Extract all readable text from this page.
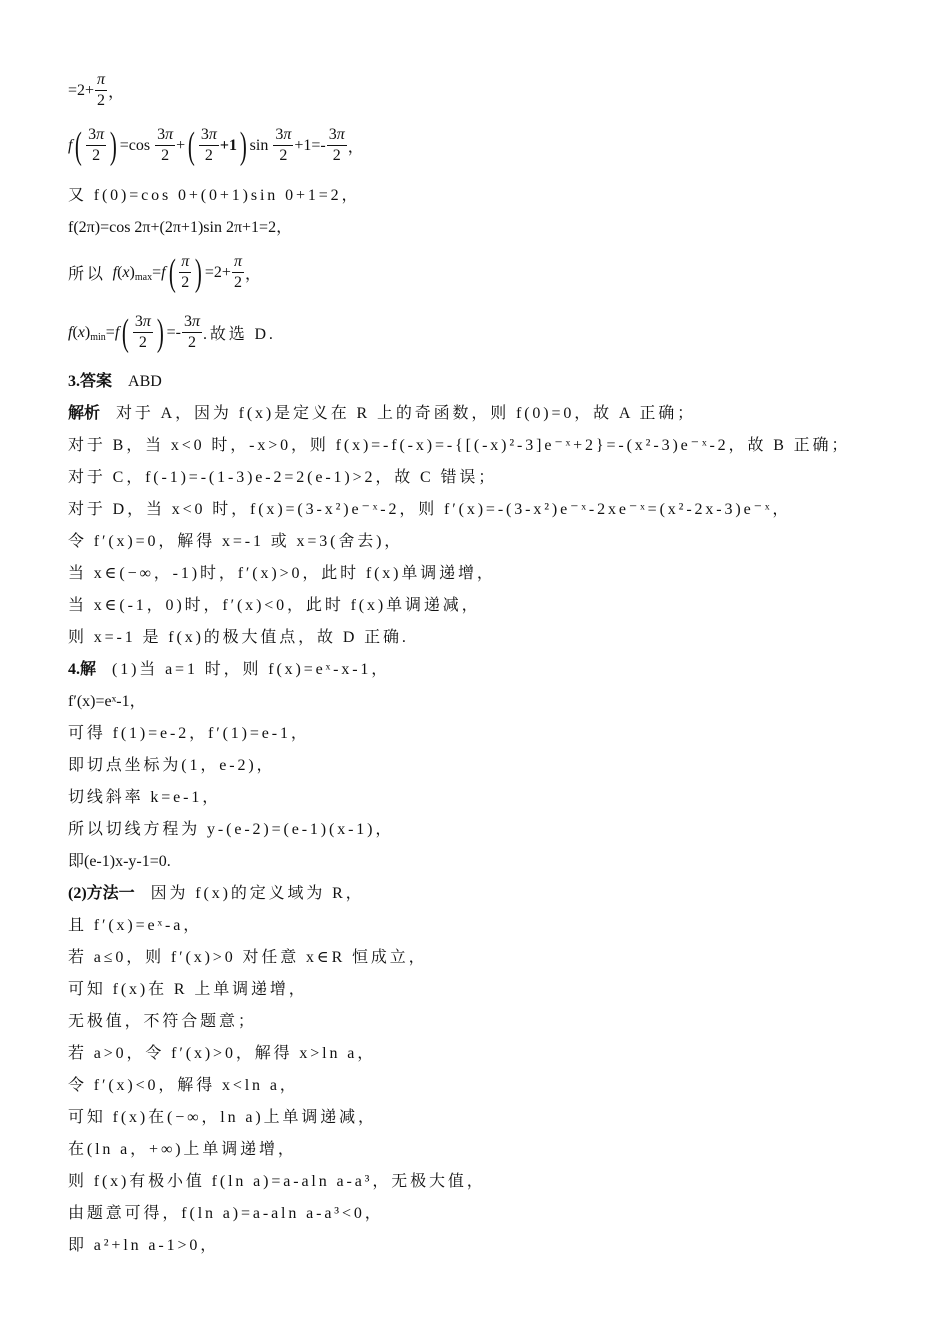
$=2+ \frac{\pi}{2}$ ，
f ( $\frac{3\pi}{2}$ ) $=\cos \frac{3\pi}{2}$ + ( $\frac{3\pi}{2} +1$ ) $\sin \frac{3\pi}{2} +1=- \frac{3\pi}{2}$ ，
又 f(0)=cos 0+(0+1)sin 0+1=2，
f(2π)=cos 2π+(2π+1)sin 2π+1=2，
所以 f (x) max =f ( $\frac{\pi}{2}$ ) $=2+ \frac{\pi}{2}$ ，
f (x) min =f ( $\frac{3\pi}{2}$ ) =- $\frac{3\pi}{2}$ .故选 D.
3.答案 ABD
解析 对于 A，因为 f(x)是定义在 R 上的奇函数，则 f(0)=0，故 A 正确；
对于 B，当 x<0 时，-x>0，则 f(x)=-f(-x)=-{[(-x)²-3]e⁻ˣ+2}=-(x²-3)e⁻ˣ-2，故 B 正确；
对于 C，f(-1)=-(1-3)e-2=2(e-1)>2，故 C 错误；
对于 D，当 x<0 时，f(x)=(3-x²)e⁻ˣ-2，则 f′(x)=-(3-x²)e⁻ˣ-2xe⁻ˣ=(x²-2x-3)e⁻ˣ，
令 f′(x)=0，解得 x=-1 或 x=3(舍去)，
当 x∈(−∞，-1)时，f′(x)>0，此时 f(x)单调递增，
当 x∈(-1，0)时，f′(x)<0，此时 f(x)单调递减，
则 x=-1 是 f(x)的极大值点，故 D 正确.
4.解 (1)当 a=1 时，则 f(x)=eˣ-x-1，
f′(x)=eˣ-1，
可得 f(1)=e-2，f′(1)=e-1，
即切点坐标为(1，e-2)，
切线斜率 k=e-1，
所以切线方程为 y-(e-2)=(e-1)(x-1)，
即(e-1)x-y-1=0.
(2)方法一 因为 f(x)的定义域为 R，
且 f′(x)=eˣ-a，
若 a≤0，则 f′(x)>0 对任意 x∈R 恒成立，
可知 f(x)在 R 上单调递增，
无极值，不符合题意；
若 a>0，令 f′(x)>0，解得 x>ln a，
令 f′(x)<0，解得 x<ln a，
可知 f(x)在(−∞，ln a)上单调递减，
在(ln a，+∞)上单调递增，
则 f(x)有极小值 f(ln a)=a-aln a-a³，无极大值，
由题意可得，f(ln a)=a-aln a-a³<0，
即 a²+ln a-1>0，
